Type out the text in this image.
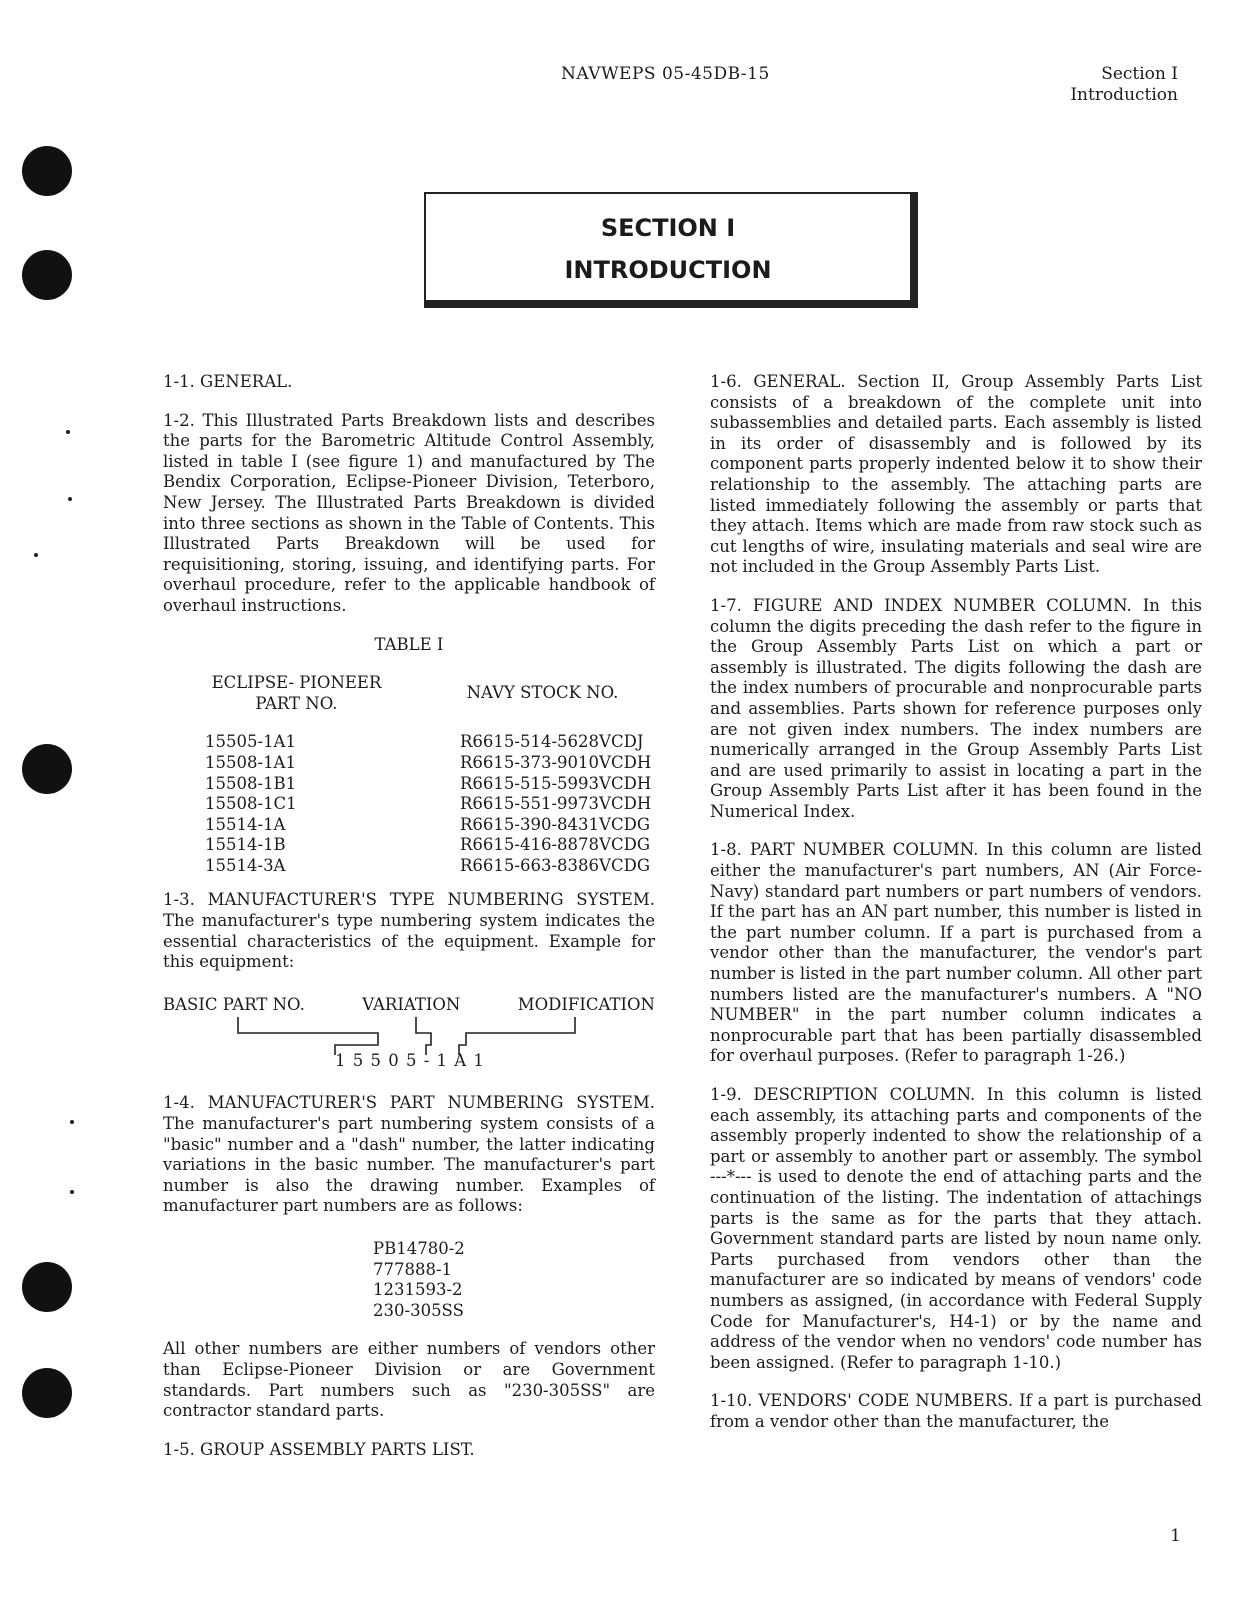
NAVWEPS 05-45DB-15	Section I
Introduction
SECTION I
INTRODUCTION

1-1. GENERAL.

1-2. This Illustrated Parts Breakdown lists and describes the parts for the Barometric Altitude Control Assembly, listed in table I (see figure 1) and manufactured by The Bendix Corporation, Eclipse-Pioneer Division, Teterboro, New Jersey. The Illustrated Parts Breakdown is divided into three sections as shown in the Table of Contents. This Illustrated Parts Breakdown will be used for requisitioning, storing, issuing, and identifying parts. For overhaul procedure, refer to the applicable handbook of overhaul instructions.

TABLE I

ECLIPSE- PIONEER
PART NO.	NAVY STOCK NO.

15505-1A1	R6615-514-5628VCDJ
15508-1A1	R6615-373-9010VCDH
15508-1B1	R6615-515-5993VCDH
15508-1C1	R6615-551-9973VCDH
15514-1A	R6615-390-8431VCDG
15514-1B	R6615-416-8878VCDG
15514-3A	R6615-663-8386VCDG

1-3. MANUFACTURER'S TYPE NUMBERING SYSTEM. The manufacturer's type numbering system indicates the essential characteristics of the equipment. Example for this equipment:

BASIC PART NO.	VARIATION	MODIFICATION
1 5 5 0 5 - 1 A 1

1-4. MANUFACTURER'S PART NUMBERING SYSTEM. The manufacturer's part numbering system consists of a "basic" number and a "dash" number, the latter indicating variations in the basic number. The manufacturer's part number is also the drawing number. Examples of manufacturer part numbers are as follows:

PB14780-2
777888-1
1231593-2
230-305SS

All other numbers are either numbers of vendors other than Eclipse-Pioneer Division or are Government standards. Part numbers such as "230-305SS" are contractor standard parts.

1-5. GROUP ASSEMBLY PARTS LIST.

1-6. GENERAL. Section II, Group Assembly Parts List consists of a breakdown of the complete unit into subassemblies and detailed parts. Each assembly is listed in its order of disassembly and is followed by its component parts properly indented below it to show their relationship to the assembly. The attaching parts are listed immediately following the assembly or parts that they attach. Items which are made from raw stock such as cut lengths of wire, insulating materials and seal wire are not included in the Group Assembly Parts List.

1-7. FIGURE AND INDEX NUMBER COLUMN. In this column the digits preceding the dash refer to the figure in the Group Assembly Parts List on which a part or assembly is illustrated. The digits following the dash are the index numbers of procurable and nonprocurable parts and assemblies. Parts shown for reference purposes only are not given index numbers. The index numbers are numerically arranged in the Group Assembly Parts List and are used primarily to assist in locating a part in the Group Assembly Parts List after it has been found in the Numerical Index.

1-8. PART NUMBER COLUMN. In this column are listed either the manufacturer's part numbers, AN (Air Force-Navy) standard part numbers or part numbers of vendors. If the part has an AN part number, this number is listed in the part number column. If a part is purchased from a vendor other than the manufacturer, the vendor's part number is listed in the part number column. All other part numbers listed are the manufacturer's numbers. A "NO NUMBER" in the part number column indicates a nonprocurable part that has been partially disassembled for overhaul purposes. (Refer to paragraph 1-26.)

1-9. DESCRIPTION COLUMN. In this column is listed each assembly, its attaching parts and components of the assembly properly indented to show the relationship of a part or assembly to another part or assembly. The symbol ---*--- is used to denote the end of attaching parts and the continuation of the listing. The indentation of attachings parts is the same as for the parts that they attach. Government standard parts are listed by noun name only. Parts purchased from vendors other than the manufacturer are so indicated by means of vendors' code numbers as assigned, (in accordance with Federal Supply Code for Manufacturer's, H4-1) or by the name and address of the vendor when no vendors' code number has been assigned. (Refer to paragraph 1-10.)

1-10. VENDORS' CODE NUMBERS. If a part is purchased from a vendor other than the manufacturer, the

1
